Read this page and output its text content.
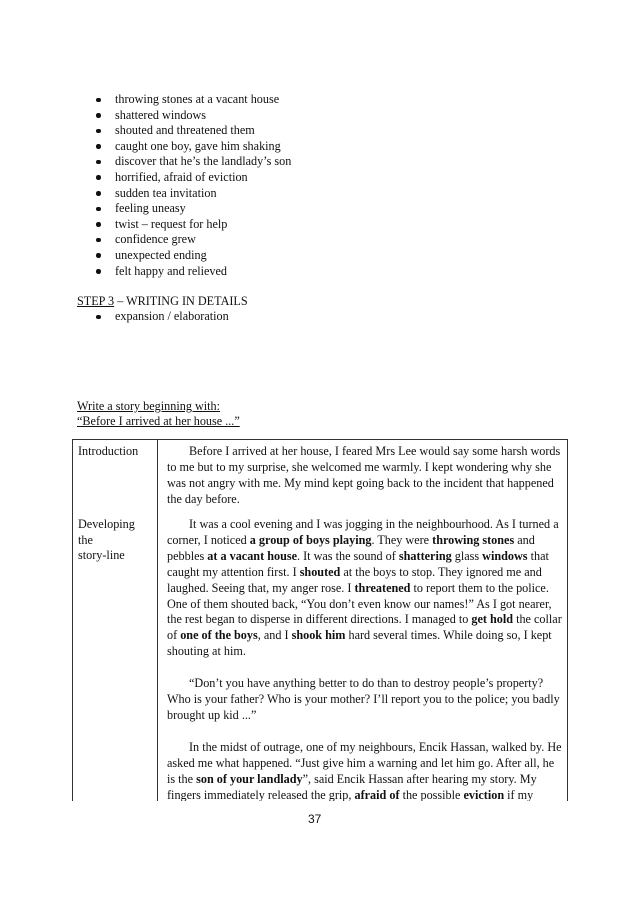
throwing stones at a vacant house
shattered windows
shouted and threatened them
caught one boy, gave him shaking
discover that he’s the landlady’s son
horrified, afraid of eviction
sudden tea invitation
feeling uneasy
twist – request for help
confidence grew
unexpected ending
felt happy and relieved
STEP 3 – WRITING IN DETAILS
expansion / elaboration
Write a story beginning with:
“Before I arrived at her house ...”
Introduction	Before I arrived at her house, I feared Mrs Lee would say some harsh words to me but to my surprise, she welcomed me warmly. I kept wondering why she was not angry with me. My mind kept going back to the incident that happened the day before.

Developing
the
story-line

It was a cool evening and I was jogging in the neighbourhood. As I turned a corner, I noticed a group of boys playing. They were throwing stones and pebbles at a vacant house. It was the sound of shattering glass windows that caught my attention first. I shouted at the boys to stop. They ignored me and laughed. Seeing that, my anger rose. I threatened to report them to the police. One of them shouted back, “You don’t even know our names!” As I got nearer, the rest began to disperse in different directions. I managed to get hold the collar of one of the boys, and I shook him hard several times. While doing so, I kept shouting at him.

“Don’t you have anything better to do than to destroy people’s property? Who is your father? Who is your mother? I’ll report you to the police; you badly brought up kid ...”

In the midst of outrage, one of my neighbours, Encik Hassan, walked by. He asked me what happened. “Just give him a warning and let him go. After all, he is the son of your landlady”, said Encik Hassan after hearing my story. My fingers immediately released the grip, afraid of the possible eviction if my

37
